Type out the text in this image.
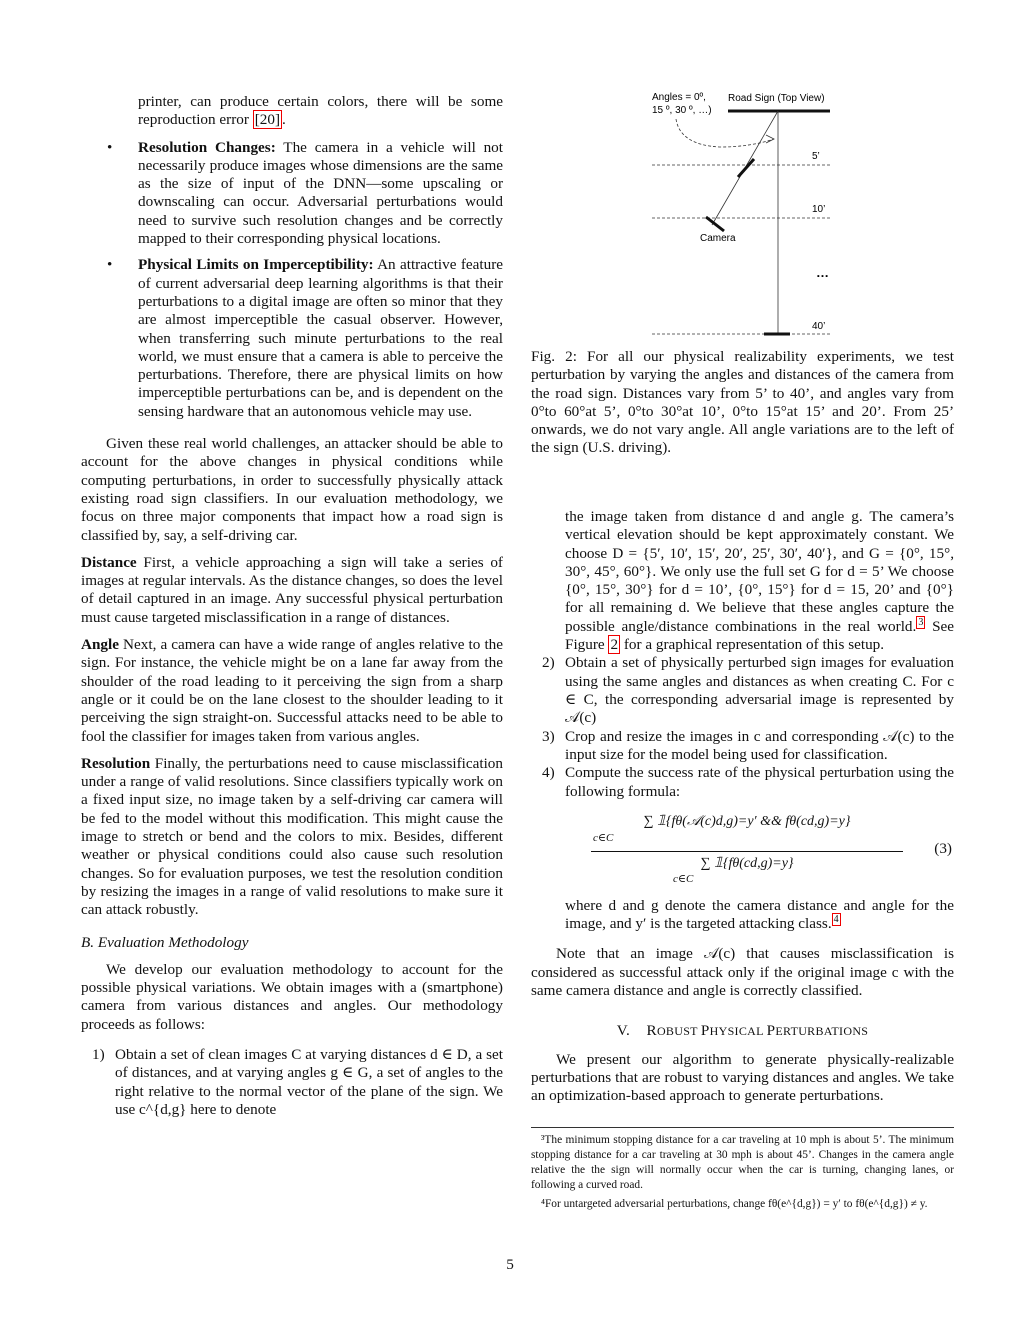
printer, can produce certain colors, there will be some reproduction error [20] .

• Resolution Changes: The camera in a vehicle will not necessarily produce images whose dimensions are the same as the size of input of the DNN—some upscaling or downscaling can occur. Adversarial perturbations would need to survive such resolution changes and be correctly mapped to their corresponding physical locations.

• Physical Limits on Imperceptibility: An attractive feature of current adversarial deep learning algorithms is that their perturbations to a digital image are often so minor that they are almost imperceptible the casual observer. However, when transferring such minute perturbations to the real world, we must ensure that a camera is able to perceive the perturbations. Therefore, there are physical limits on how imperceptible perturbations can be, and is dependent on the sensing hardware that an autonomous vehicle may use.

Given these real world challenges, an attacker should be able to account for the above changes in physical conditions while computing perturbations, in order to successfully physically attack existing road sign classifiers. In our evaluation methodology, we focus on three major components that impact how a road sign is classified by, say, a self-driving car.

Distance First, a vehicle approaching a sign will take a series of images at regular intervals. As the distance changes, so does the level of detail captured in an image. Any successful physical perturbation must cause targeted misclassification in a range of distances.

Angle Next, a camera can have a wide range of angles relative to the sign. For instance, the vehicle might be on a lane far away from the shoulder of the road leading to it perceiving the sign from a sharp angle or it could be on the lane closest to the shoulder leading to it perceiving the sign straight-on. Successful attacks need to be able to fool the classifier for images taken from various angles.

Resolution Finally, the perturbations need to cause misclassification under a range of valid resolutions. Since classifiers typically work on a fixed input size, no image taken by a self-driving car camera will be fed to the model without this modification. This might cause the image to stretch or bend and the colors to mix. Besides, different weather or physical conditions could also cause such resolution changes. So for evaluation purposes, we test the resolution condition by resizing the images in a range of valid resolutions to make sure it can attack robustly.

B. Evaluation Methodology

We develop our evaluation methodology to account for the possible physical variations. We obtain images with a (smartphone) camera from various distances and angles. Our methodology proceeds as follows:

1) Obtain a set of clean images C at varying distances d ∈ D, a set of distances, and at varying angles g ∈ G, a set of angles to the right relative to the normal vector of the plane of the sign. We use c^{d,g} here to denote

Angles = 0º,
15 º, 30 º, …)
Road Sign (Top View)
5’
10’
Camera
…
40’

Fig. 2: For all our physical realizability experiments, we test perturbation by varying the angles and distances of the camera from the road sign. Distances vary from 5’ to 40’, and angles vary from 0°to 60°at 5’, 0°to 30°at 10’, 0°to 15°at 15’ and 20’. From 25’ onwards, we do not vary angle. All angle variations are to the left of the sign (U.S. driving).

the image taken from distance d and angle g. The camera’s vertical elevation should be kept approximately constant. We choose D = {5′, 10′, 15′, 20′, 25′, 30′, 40′}, and G = {0°, 15°, 30°, 45°, 60°}. We only use the full set G for d = 5’ We choose {0°, 15°, 30°} for d = 10’, {0°, 15°} for d = 15, 20’ and {0°} for all remaining d. We believe that these angles capture the possible angle/distance combinations in the real world. $^3$ See Figure 2 for a graphical representation of this setup.

2) Obtain a set of physically perturbed sign images for evaluation using the same angles and distances as when creating C. For c ∈ C, the corresponding adversarial image is represented by 𝒜(c)

3) Crop and resize the images in c and corresponding 𝒜(c) to the input size for the model being used for classification.

4) Compute the success rate of the physical perturbation using the following formula:

∑ 𝟙{fθ(𝒜(c)d,g)=y′ && fθ(cd,g)=y}
c∈C
∑ 𝟙{fθ(cd,g)=y}
c∈C
(3)

where d and g denote the camera distance and angle for the image, and y′ is the targeted attacking class. $^4$

Note that an image 𝒜(c) that causes misclassification is considered as successful attack only if the original image c with the same camera distance and angle is correctly classified.

V. ROBUST PHYSICAL PERTURBATIONS

We present our algorithm to generate physically-realizable perturbations that are robust to varying distances and angles. We take an optimization-based approach to generate perturbations.

³The minimum stopping distance for a car traveling at 10 mph is about 5’. The minimum stopping distance for a car traveling at 30 mph is about 45’. Changes in the camera angle relative the the sign will normally occur when the car is turning, changing lanes, or following a curved road.

⁴For untargeted adversarial perturbations, change fθ(e^{d,g}) = y′ to fθ(e^{d,g}) ≠ y.

5
